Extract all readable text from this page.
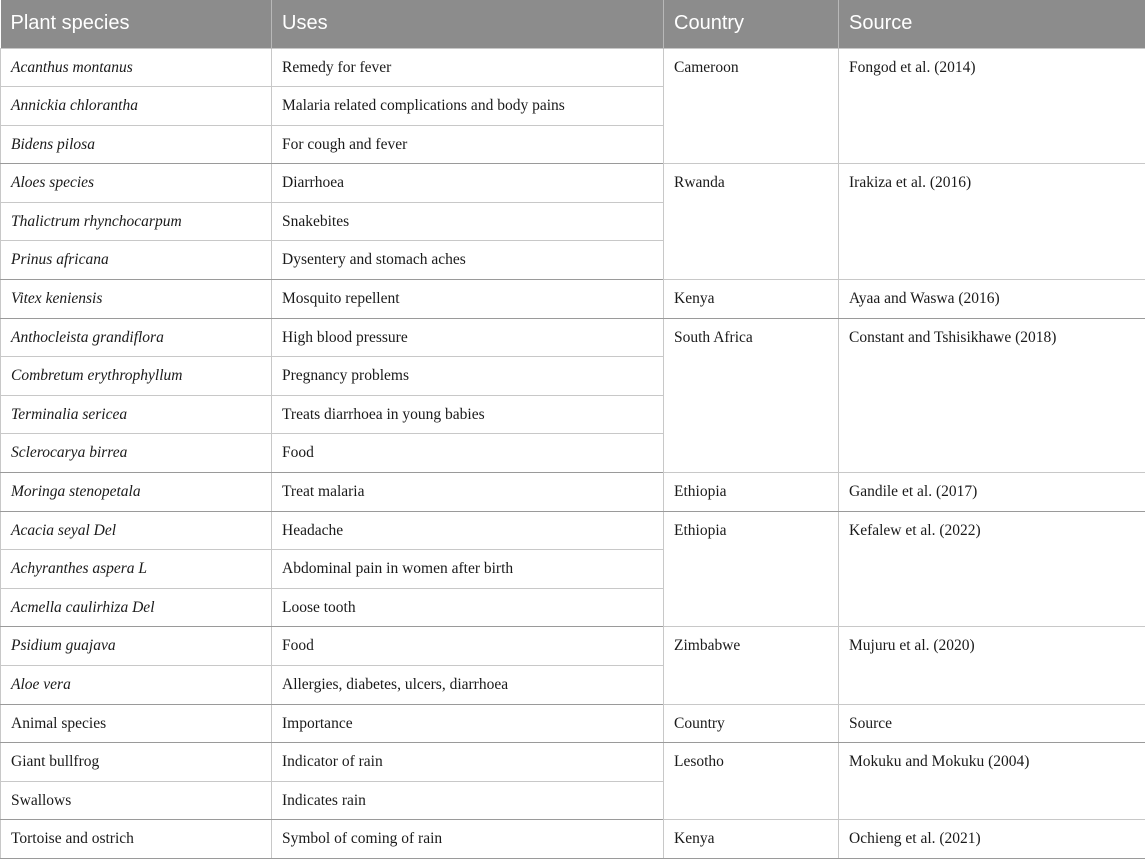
Plant species	Uses	Country	Source
Acanthus montanus	Remedy for fever	Cameroon	Fongod et al. (2014)
Annickia chlorantha	Malaria related complications and body pains		
Bidens pilosa	For cough and fever		
Aloes species	Diarrhoea	Rwanda	Irakiza et al. (2016)
Thalictrum rhynchocarpum	Snakebites		
Prinus africana	Dysentery and stomach aches		
Vitex keniensis	Mosquito repellent	Kenya	Ayaa and Waswa (2016)
Anthocleista grandiflora	High blood pressure	South Africa	Constant and Tshisikhawe (2018)
Combretum erythrophyllum	Pregnancy problems		
Terminalia sericea	Treats diarrhoea in young babies		
Sclerocarya birrea	Food		
Moringa stenopetala	Treat malaria	Ethiopia	Gandile et al. (2017)
Acacia seyal Del	Headache	Ethiopia	Kefalew et al. (2022)
Achyranthes aspera L	Abdominal pain in women after birth		
Acmella caulirhiza Del	Loose tooth		
Psidium guajava	Food	Zimbabwe	Mujuru et al. (2020)
Aloe vera	Allergies, diabetes, ulcers, diarrhoea		
Animal species	Importance	Country	Source
Giant bullfrog	Indicator of rain	Lesotho	Mokuku and Mokuku (2004)
Swallows	Indicates rain		
Tortoise and ostrich	Symbol of coming of rain	Kenya	Ochieng et al. (2021)
